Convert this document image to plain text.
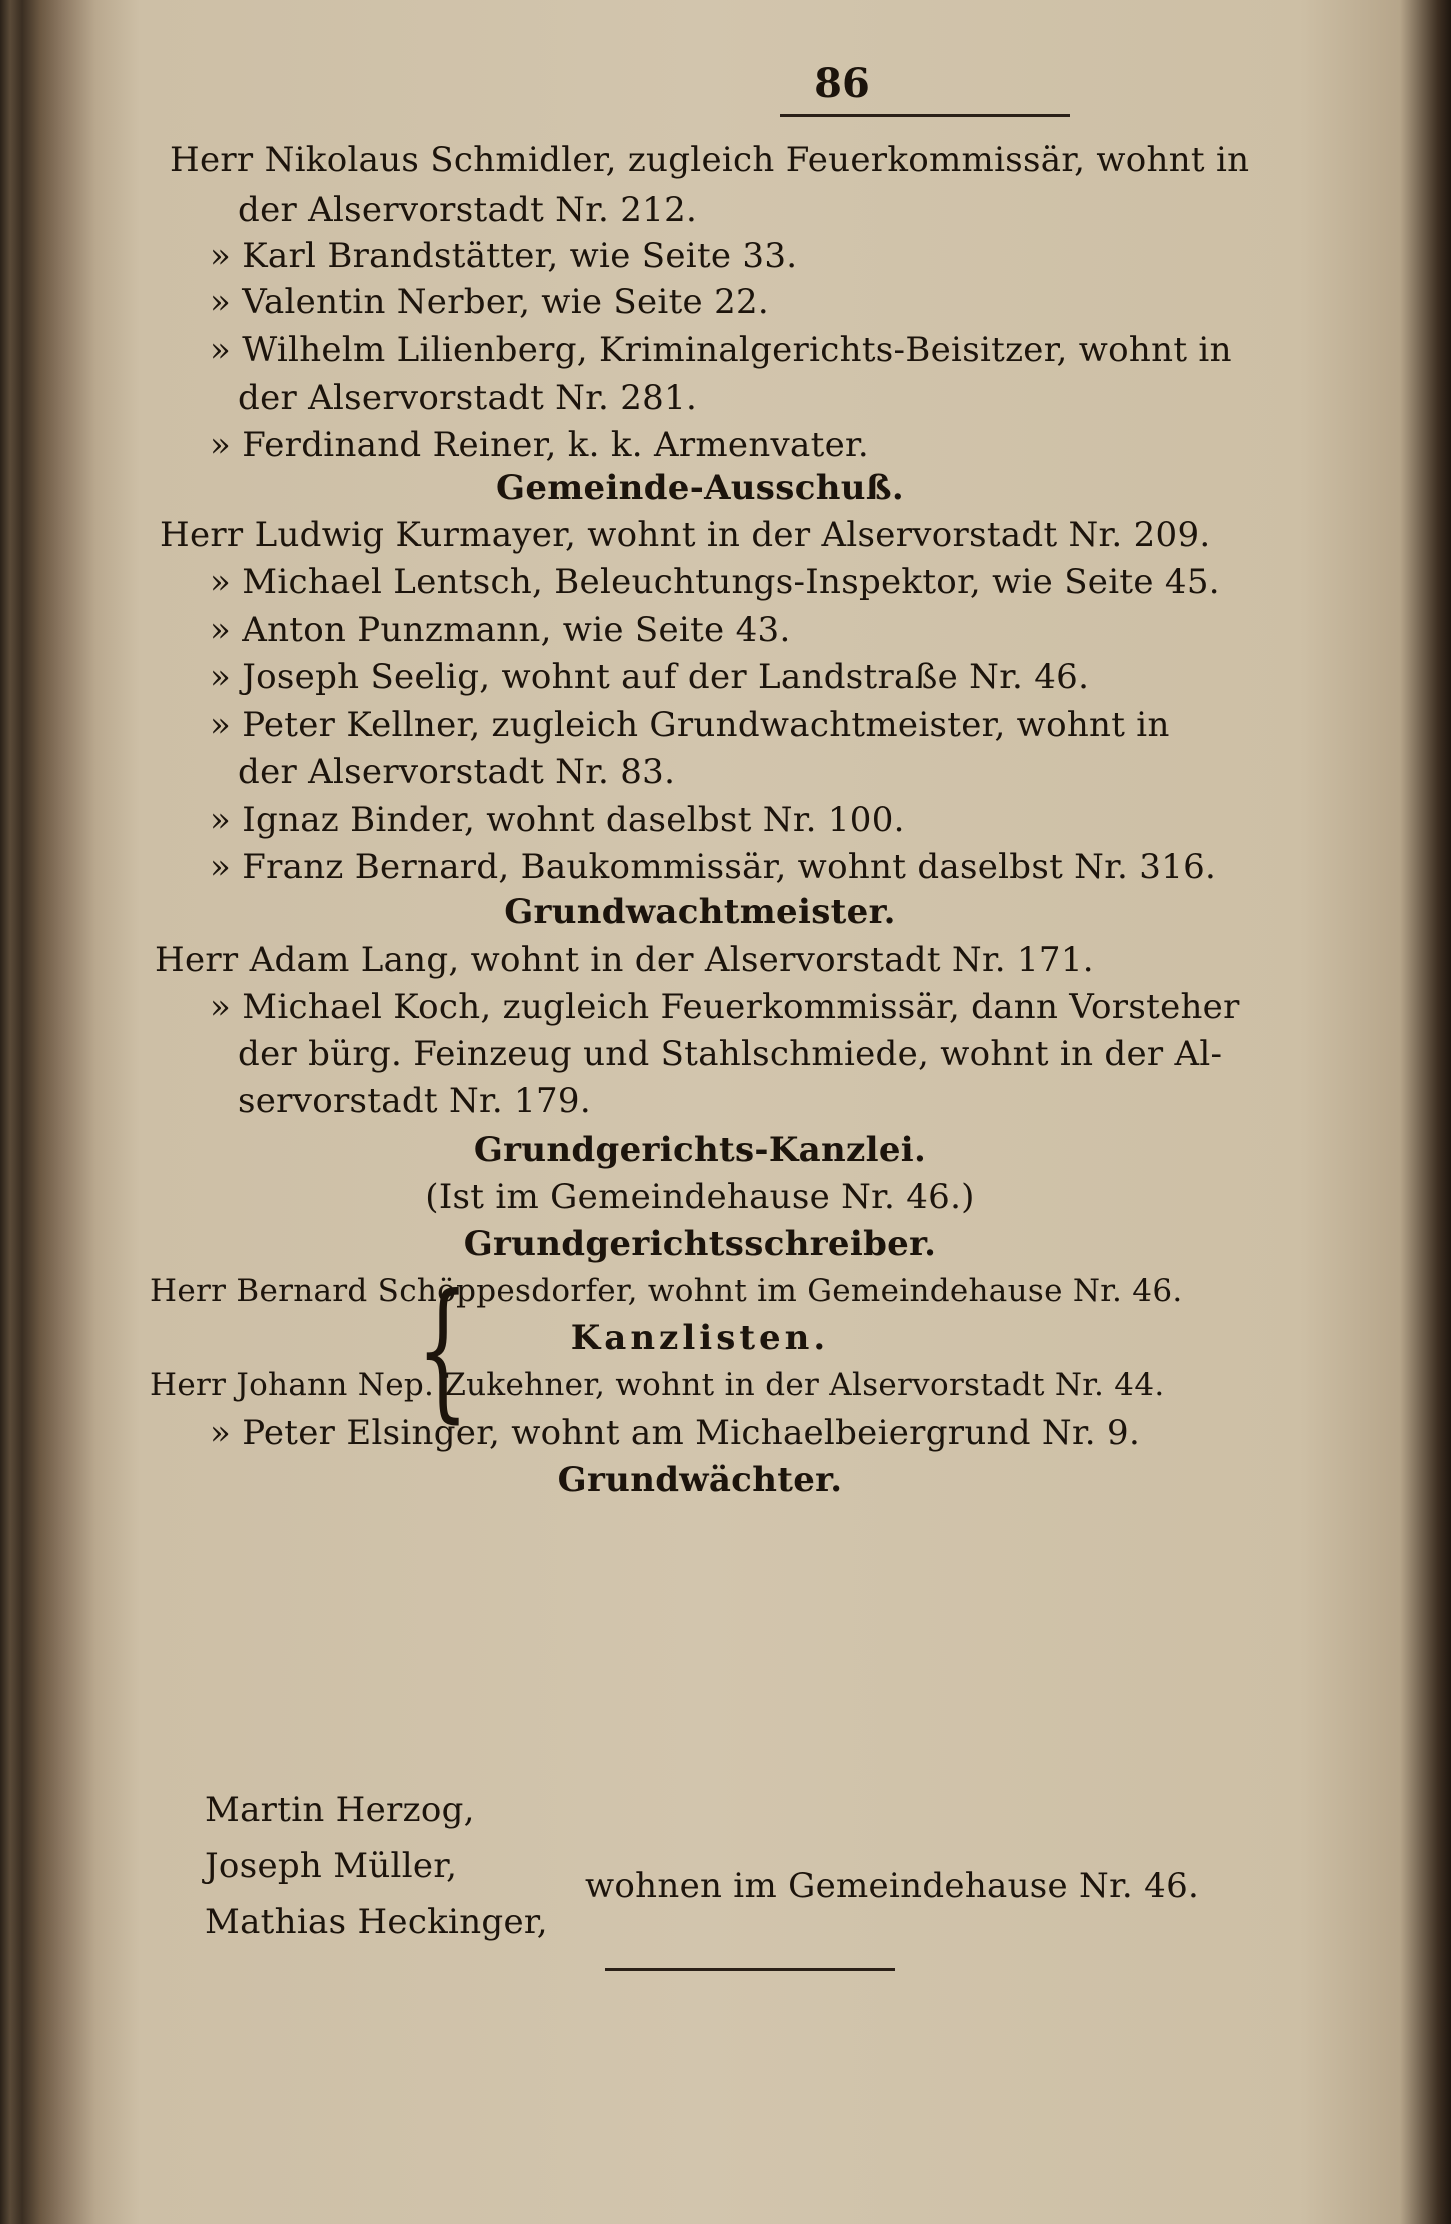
86
Herr Nikolaus Schmidler, zugleich Feuerkommissär, wohnt in
der Alservorstadt Nr. 212.
» Karl Brandstätter, wie Seite 33.
» Valentin Nerber, wie Seite 22.
» Wilhelm Lilienberg, Kriminalgerichts-Beisitzer, wohnt in
der Alservorstadt Nr. 281.
» Ferdinand Reiner, k. k. Armenvater.
Gemeinde-Ausschuß.
Herr Ludwig Kurmayer, wohnt in der Alservorstadt Nr. 209.
» Michael Lentsch, Beleuchtungs-Inspektor, wie Seite 45.
» Anton Punzmann, wie Seite 43.
» Joseph Seelig, wohnt auf der Landstraße Nr. 46.
» Peter Kellner, zugleich Grundwachtmeister, wohnt in
der Alservorstadt Nr. 83.
» Ignaz Binder, wohnt daselbst Nr. 100.
» Franz Bernard, Baukommissär, wohnt daselbst Nr. 316.
Grundwachtmeister.
Herr Adam Lang, wohnt in der Alservorstadt Nr. 171.
» Michael Koch, zugleich Feuerkommissär, dann Vorsteher
der bürg. Feinzeug und Stahlschmiede, wohnt in der Al-
servorstadt Nr. 179.
Grundgerichts-Kanzlei.
(Ist im Gemeindehause Nr. 46.)
Grundgerichtsschreiber.
Herr Bernard Schöppesdorfer, wohnt im Gemeindehause Nr. 46.
Kanzlisten.
Herr Johann Nep. Zukehner, wohnt in der Alservorstadt Nr. 44.
» Peter Elsinger, wohnt am Michaelbeiergrund Nr. 9.
Grundwächter.
Martin Herzog,
Joseph Müller,
Mathias Heckinger,
{
wohnen im Gemeindehause Nr. 46.
